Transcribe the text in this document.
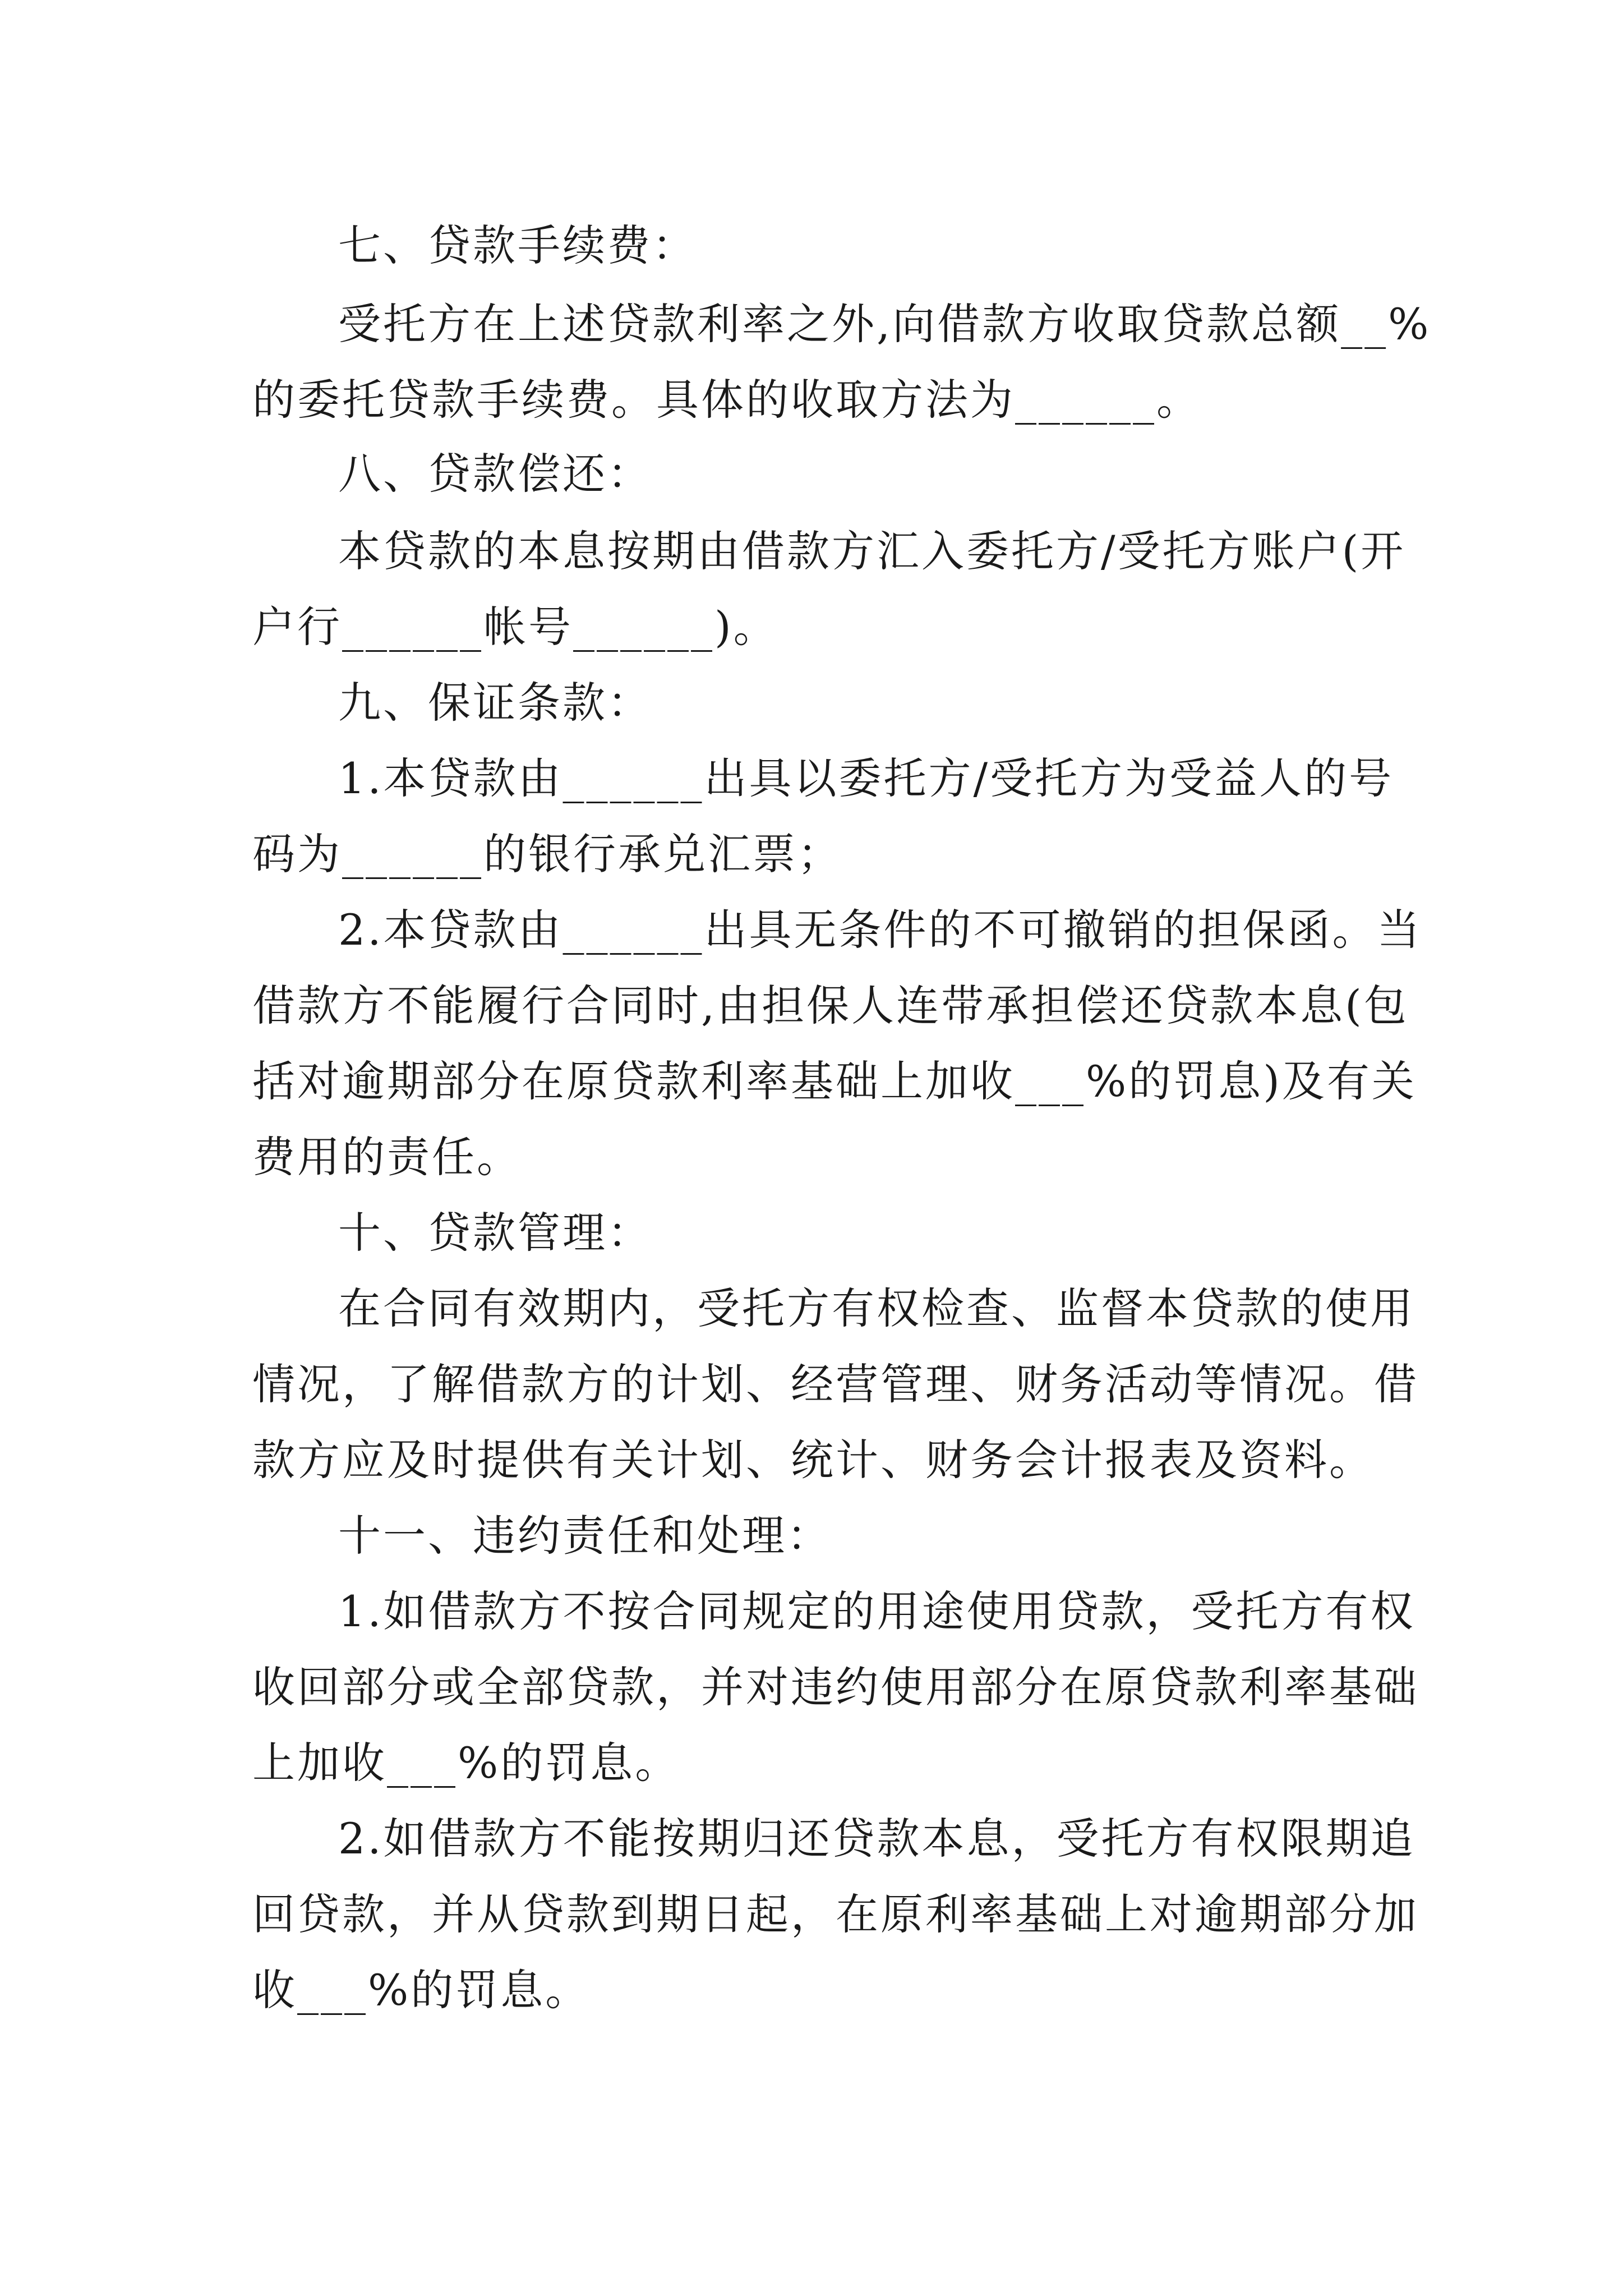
七、贷款手续费：
受托方在上述贷款利率之外,向借款方收取贷款总额__%
的委托贷款手续费。具体的收取方法为______。
八、贷款偿还：
本贷款的本息按期由借款方汇入委托方/受托方账户(开
户行______帐号______)。
九、保证条款：
1.本贷款由______出具以委托方/受托方为受益人的号
码为______的银行承兑汇票；
2.本贷款由______出具无条件的不可撤销的担保函。当
借款方不能履行合同时,由担保人连带承担偿还贷款本息(包
括对逾期部分在原贷款利率基础上加收___%的罚息)及有关
费用的责任。
十、贷款管理：
在合同有效期内，受托方有权检查、监督本贷款的使用
情况，了解借款方的计划、经营管理、财务活动等情况。借
款方应及时提供有关计划、统计、财务会计报表及资料。
十一、违约责任和处理：
1.如借款方不按合同规定的用途使用贷款，受托方有权
收回部分或全部贷款，并对违约使用部分在原贷款利率基础
上加收___%的罚息。
2.如借款方不能按期归还贷款本息，受托方有权限期追
回贷款，并从贷款到期日起，在原利率基础上对逾期部分加
收___%的罚息。
